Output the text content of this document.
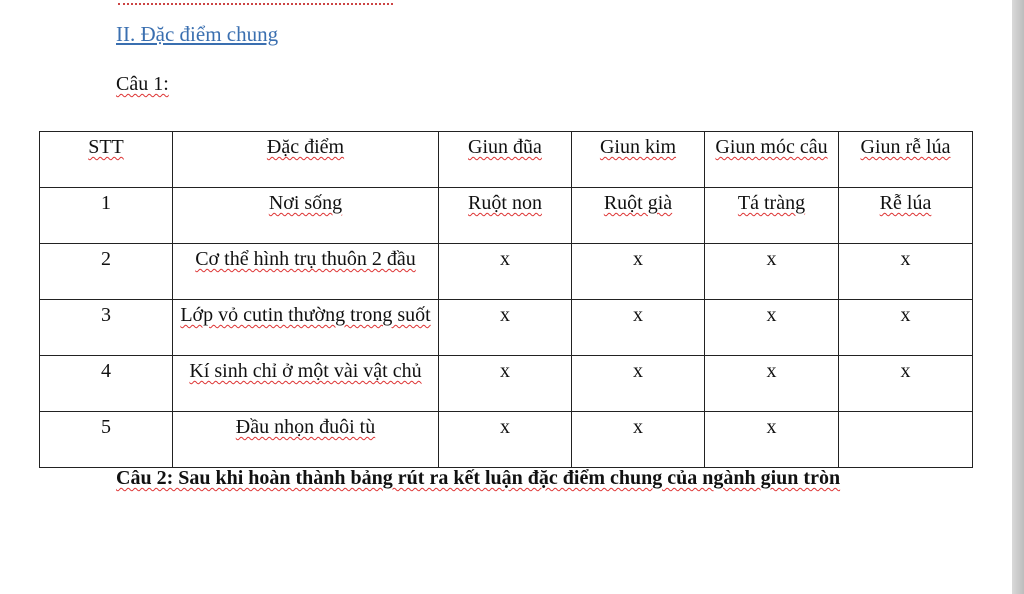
II. Đặc điểm chung
Câu 1:
STT	Đặc điểm	Giun đũa	Giun kim	Giun móc câu	Giun rễ lúa
1	Nơi sống	Ruột non	Ruột già	Tá tràng	Rễ lúa
2	Cơ thể hình trụ thuôn 2 đầu	x	x	x	x
3	Lớp vỏ cutin thường trong suốt	x	x	x	x
4	Kí sinh chỉ ở một vài vật chủ	x	x	x	x
5	Đầu nhọn đuôi tù	x	x	x	
Câu 2: Sau khi hoàn thành bảng rút ra kết luận đặc điểm chung của ngành giun tròn
